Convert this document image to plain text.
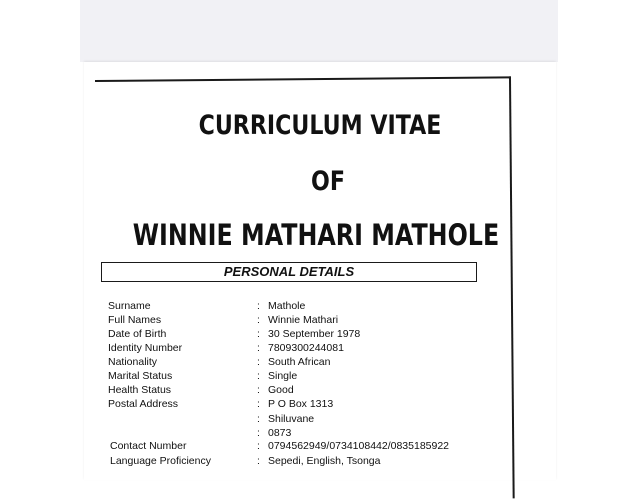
CURRICULUM VITAE
OF
WINNIE MATHARI MATHOLE
PERSONAL DETAILS
Surname	: Mathole
Full Names	: Winnie Mathari
Date of Birth	: 30 September 1978
Identity Number	: 7809300244081
Nationality	: South African
Marital Status	: Single
Health Status	: Good
Postal Address	: P O Box 1313
: Shiluvane
: 0873
Contact Number	: 0794562949/0734108442/0835185922
Language Proficiency	: Sepedi, English, Tsonga
